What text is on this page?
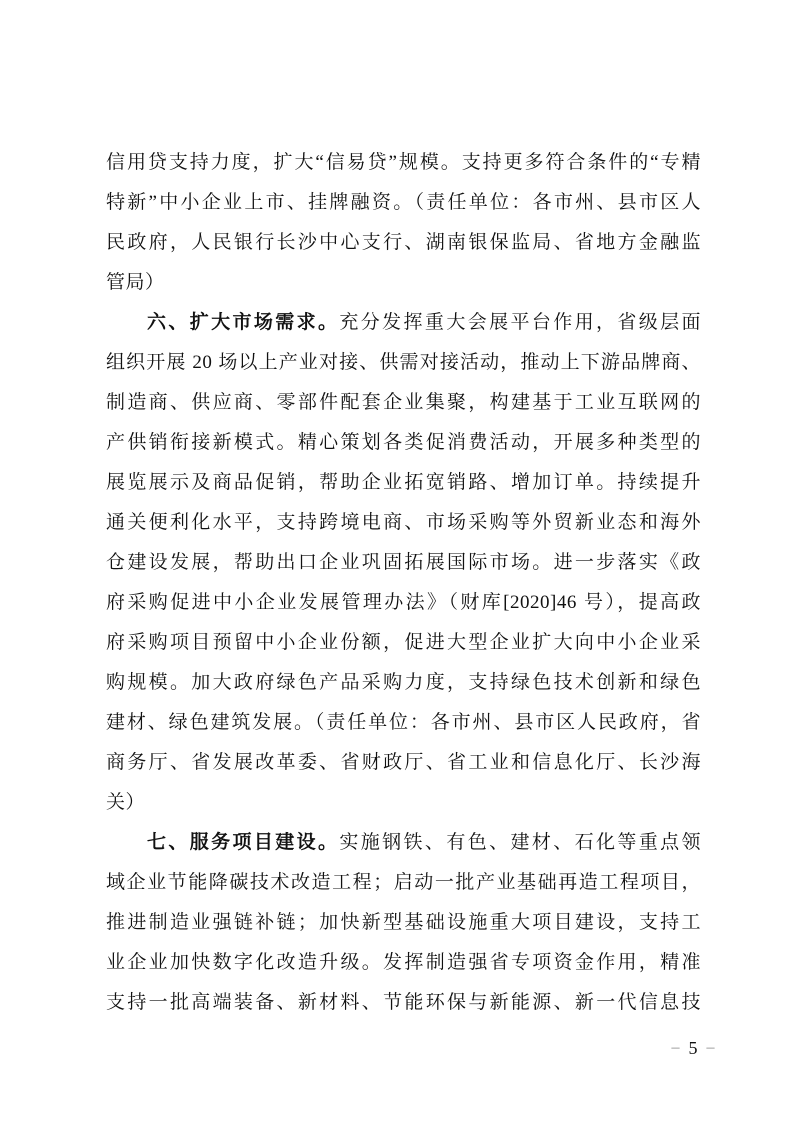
信用贷支持力度，扩大“信易贷”规模。支持更多符合条件的“专精
特新”中小企业上市、挂牌融资。（责任单位：各市州、县市区人
民政府，人民银行长沙中心支行、湖南银保监局、省地方金融监
管局）
六、扩大市场需求。充分发挥重大会展平台作用，省级层面
组织开展 20 场以上产业对接、供需对接活动，推动上下游品牌商、
制造商、供应商、零部件配套企业集聚，构建基于工业互联网的
产供销衔接新模式。精心策划各类促消费活动，开展多种类型的
展览展示及商品促销，帮助企业拓宽销路、增加订单。持续提升
通关便利化水平，支持跨境电商、市场采购等外贸新业态和海外
仓建设发展，帮助出口企业巩固拓展国际市场。进一步落实《政
府采购促进中小企业发展管理办法》（财库[2020]46 号），提高政
府采购项目预留中小企业份额，促进大型企业扩大向中小企业采
购规模。加大政府绿色产品采购力度，支持绿色技术创新和绿色
建材、绿色建筑发展。（责任单位：各市州、县市区人民政府，省
商务厅、省发展改革委、省财政厅、省工业和信息化厅、长沙海
关）
七、服务项目建设。实施钢铁、有色、建材、石化等重点领
域企业节能降碳技术改造工程；启动一批产业基础再造工程项目，
推进制造业强链补链；加快新型基础设施重大项目建设，支持工
业企业加快数字化改造升级。发挥制造强省专项资金作用，精准
支持一批高端装备、新材料、节能环保与新能源、新一代信息技
– 5 –
